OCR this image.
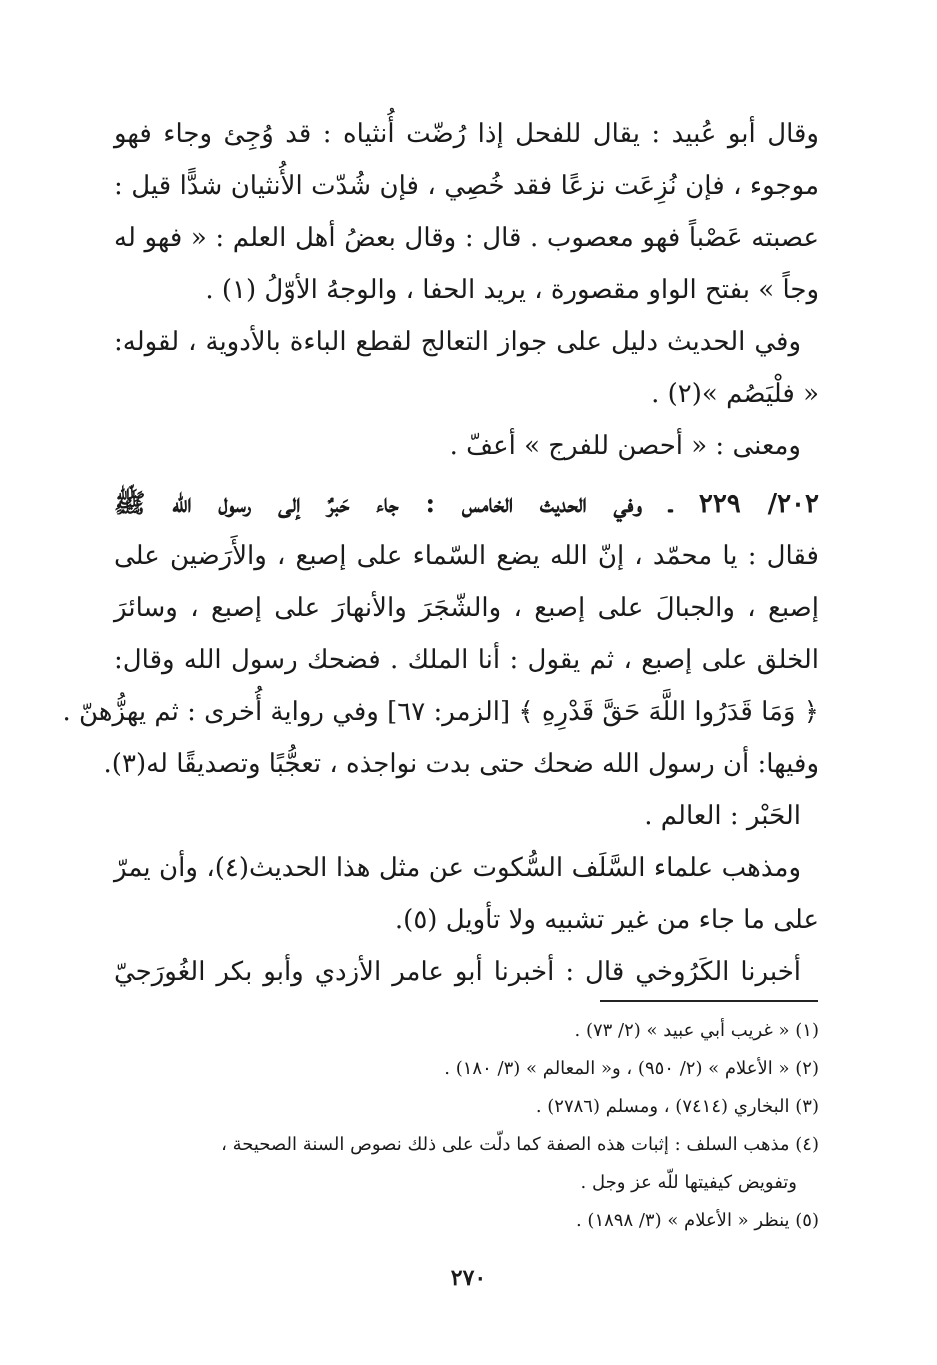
وقال أبو عُبيد : يقال للفحل إذا رُضّت أُنثياه : قد وُجِئ وجاء فهو
موجوء ، فإن نُزِعَت نزعًا فقد خُصِي ، فإن شُدّت الأُنثيان شدًّا قيل :
عصبته عَصْباً فهو معصوب . قال : وقال بعضُ أهل العلم : « فهو له
وجاً » بفتح الواو مقصورة ، يريد الحفا ، والوجهُ الأوّلُ (١) .
وفي الحديث دليل على جواز التعالج لقطع الباءة بالأدوية ، لقوله:
« فلْيَصُم »(٢) .
ومعنى : « أحصن للفرج » أعفّ .
٢٠٢/ ٢٢٩ ـ وفي الحديث الخامس : جاء حَبرٌ إلى رسول الله ﷺ
فقال : يا محمّد ، إنّ الله يضع السّماء على إصبع ، والأَرَضين على
إصبع ، والجبالَ على إصبع ، والشّجَرَ والأنهارَ على إصبع ، وسائرَ
الخلق على إصبع ، ثم يقول : أنا الملك . فضحك رسول الله وقال:
﴿ وَمَا قَدَرُوا اللَّهَ حَقَّ قَدْرِهِ ﴾ [الزمر: ٦٧] وفي رواية أُخرى : ثم يهزُّهنّ .
وفيها: أن رسول الله ضحك حتى بدت نواجذه ، تعجُّبًا وتصديقًا له(٣).
الحَبْر : العالم .
ومذهب علماء السَّلَف السُّكوت عن مثل هذا الحديث(٤)، وأن يمرّ
على ما جاء من غير تشبيه ولا تأويل (٥).
أخبرنا الكَرُوخي قال : أخبرنا أبو عامر الأزدي وأبو بكر الغُورَجيّ
(١) « غريب أبي عبيد » (٢/ ٧٣) .
(٢) « الأعلام » (٢/ ٩٥٠) ، و« المعالم » (٣/ ١٨٠) .
(٣) البخاري (٧٤١٤) ، ومسلم (٢٧٨٦) .
(٤) مذهب السلف : إثبات هذه الصفة كما دلّت على ذلك نصوص السنة الصحيحة ،
وتفويض كيفيتها للّه عز وجل .
(٥) ينظر « الأعلام » (٣/ ١٨٩٨) .
٢٧٠
